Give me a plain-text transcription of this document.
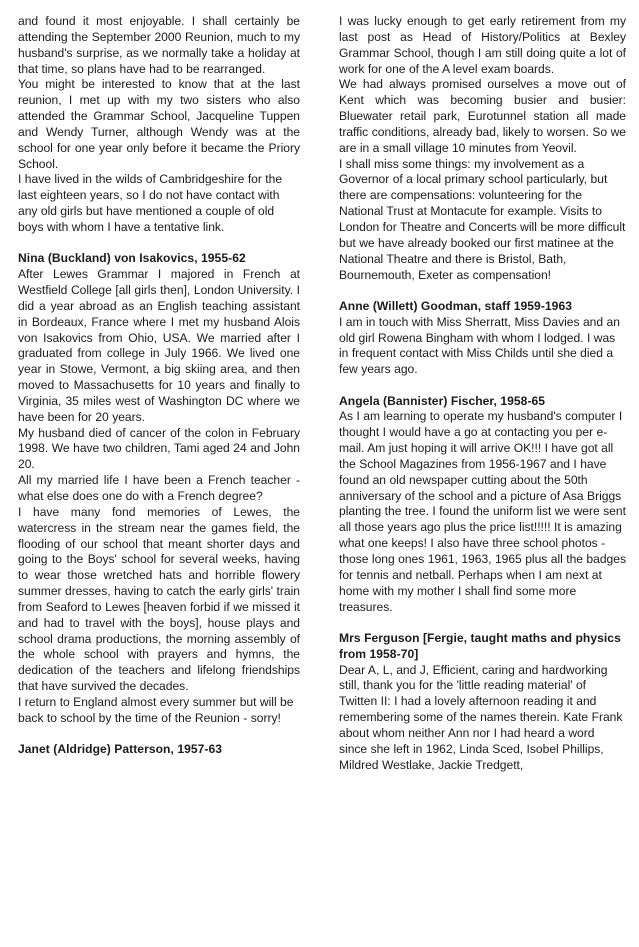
and found it most enjoyable. I shall certainly be attending the September 2000 Reunion, much to my husband's surprise, as we normally take a holiday at that time, so plans have had to be rearranged.

You might be interested to know that at the last reunion, I met up with my two sisters who also attended the Grammar School, Jacqueline Tuppen and Wendy Turner, although Wendy was at the school for one year only before it became the Priory School.

I have lived in the wilds of Cambridgeshire for the last eighteen years, so I do not have contact with any old girls but have mentioned a couple of old boys with whom I have a tentative link.

Nina (Buckland) von Isakovics, 1955-62

After Lewes Grammar I majored in French at Westfield College [all girls then], London University. I did a year abroad as an English teaching assistant in Bordeaux, France where I met my husband Alois von Isakovics from Ohio, USA. We married after I graduated from college in July 1966. We lived one year in Stowe, Vermont, a big skiing area, and then moved to Massachusetts for 10 years and finally to Virginia, 35 miles west of Washington DC where we have been for 20 years.

My husband died of cancer of the colon in February 1998. We have two children, Tami aged 24 and John 20.

All my married life I have been a French teacher - what else does one do with a French degree?

I have many fond memories of Lewes, the watercress in the stream near the games field, the flooding of our school that meant shorter days and going to the Boys' school for several weeks, having to wear those wretched hats and horrible flowery summer dresses, having to catch the early girls' train from Seaford to Lewes [heaven forbid if we missed it and had to travel with the boys], house plays and school drama productions, the morning assembly of the whole school with prayers and hymns, the dedication of the teachers and lifelong friendships that have survived the decades.

I return to England almost every summer but will be back to school by the time of the Reunion - sorry!

Janet (Aldridge) Patterson, 1957-63

I was lucky enough to get early retirement from my last post as Head of History/Politics at Bexley Grammar School, though I am still doing quite a lot of work for one of the A level exam boards.

We had always promised ourselves a move out of Kent which was becoming busier and busier: Bluewater retail park, Eurotunnel station all made traffic conditions, already bad, likely to worsen. So we are in a small village 10 minutes from Yeovil.

I shall miss some things: my involvement as a Governor of a local primary school particularly, but there are compensations: volunteering for the National Trust at Montacute for example. Visits to London for Theatre and Concerts will be more difficult but we have already booked our first matinee at the National Theatre and there is Bristol, Bath, Bournemouth, Exeter as compensation!

Anne (Willett) Goodman, staff 1959-1963

I am in touch with Miss Sherratt, Miss Davies and an old girl Rowena Bingham with whom I lodged. I was in frequent contact with Miss Childs until she died a few years ago.

Angela (Bannister) Fischer, 1958-65

As I am learning to operate my husband's computer I thought I would have a go at contacting you per e-mail. Am just hoping it will arrive OK!!! I have got all the School Magazines from 1956-1967 and I have found an old newspaper cutting about the 50th anniversary of the school and a picture of Asa Briggs planting the tree. I found the uniform list we were sent all those years ago plus the price list!!!!! It is amazing what one keeps! I also have three school photos - those long ones 1961, 1963, 1965 plus all the badges for tennis and netball. Perhaps when I am next at home with my mother I shall find some more treasures.

Mrs Ferguson [Fergie, taught maths and physics from 1958-70]

Dear A, L, and J, Efficient, caring and hardworking still, thank you for the 'little reading material' of Twitten II: I had a lovely afternoon reading it and remembering some of the names therein. Kate Frank about whom neither Ann nor I had heard a word since she left in 1962, Linda Sced, Isobel Phillips, Mildred Westlake, Jackie Tredgett,
